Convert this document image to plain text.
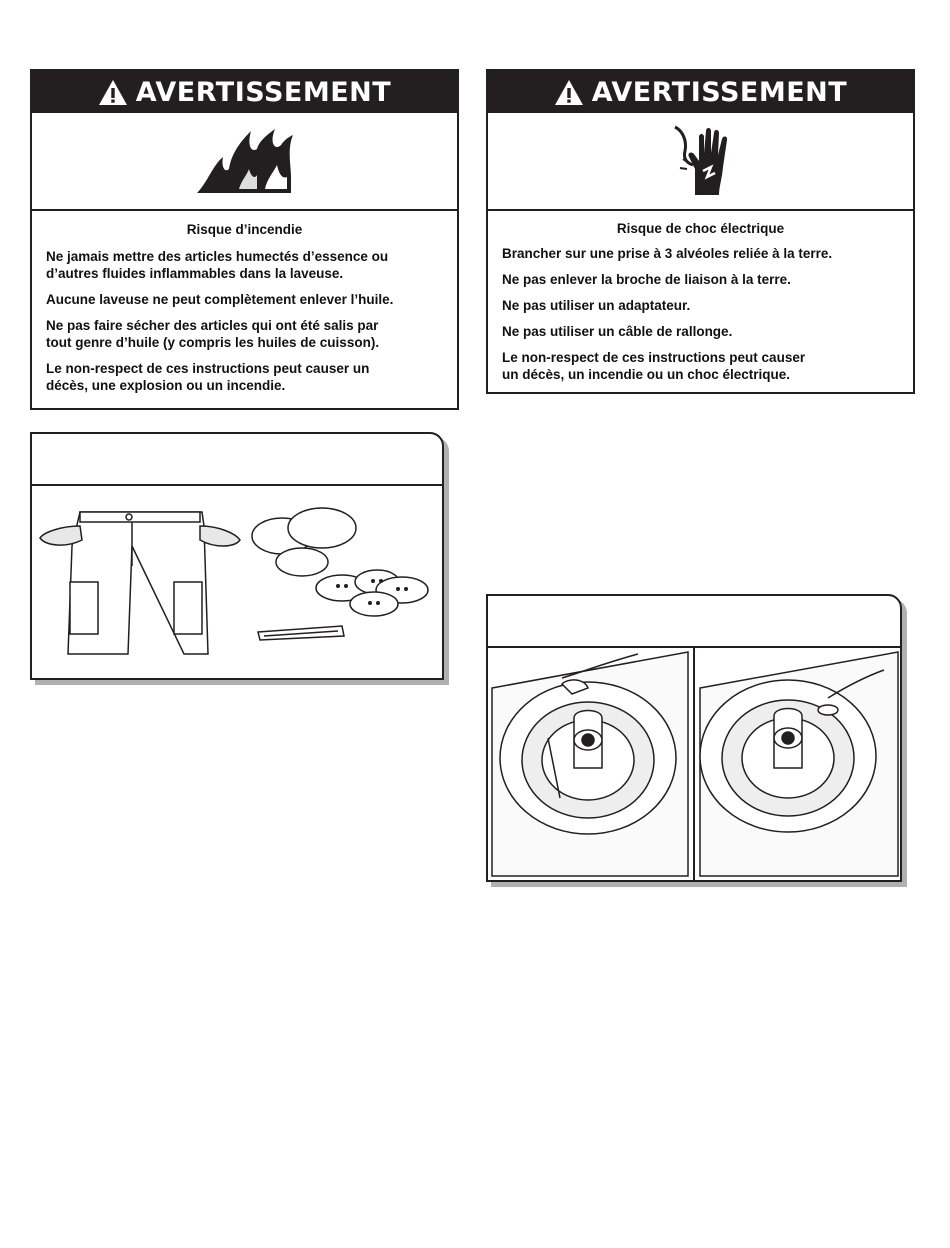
AVERTISSEMENT
Risque d’incendie

Ne jamais mettre des articles humectés d’essence ou
d’autres fluides inflammables dans la laveuse.

Aucune laveuse ne peut complètement enlever l’huile.

Ne pas faire sécher des articles qui ont été salis par
tout genre d’huile (y compris les huiles de cuisson).

Le non-respect de ces instructions peut causer un
décès, une explosion ou un incendie.

AVERTISSEMENT
Risque de choc électrique

Brancher sur une prise à 3 alvéoles reliée à la terre.

Ne pas enlever la broche de liaison à la terre.

Ne pas utiliser un adaptateur.

Ne pas utiliser un câble de rallonge.

Le non-respect de ces instructions peut causer
un décès, un incendie ou un choc électrique.
